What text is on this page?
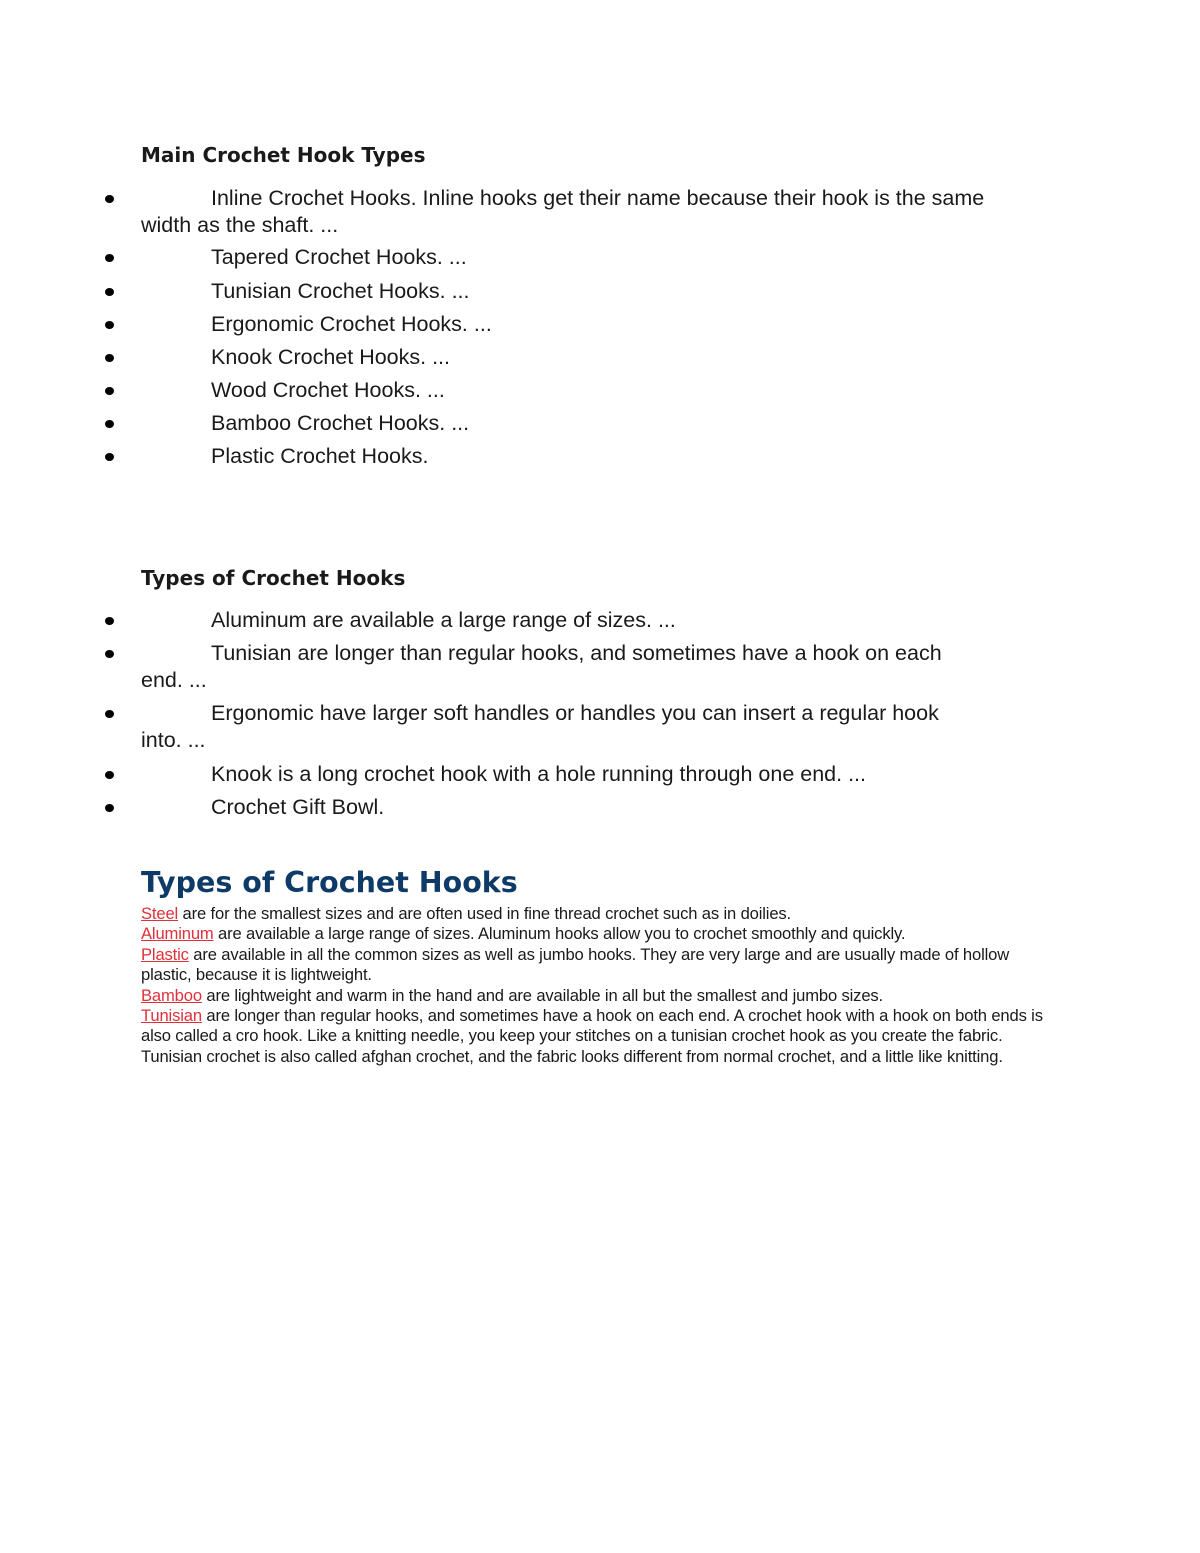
Main Crochet Hook Types
Inline Crochet Hooks. Inline hooks get their name because their hook is the same
width as the shaft. ...
Tapered Crochet Hooks. ...
Tunisian Crochet Hooks. ...
Ergonomic Crochet Hooks. ...
Knook Crochet Hooks. ...
Wood Crochet Hooks. ...
Bamboo Crochet Hooks. ...
Plastic Crochet Hooks.
Types of Crochet Hooks
Aluminum are available a large range of sizes. ...
Tunisian are longer than regular hooks, and sometimes have a hook on each
end. ...
Ergonomic have larger soft handles or handles you can insert a regular hook
into. ...
Knook is a long crochet hook with a hole running through one end. ...
Crochet Gift Bowl.
Types of Crochet Hooks

Steel are for the smallest sizes and are often used in fine thread crochet such as in doilies.

Aluminum are available a large range of sizes. Aluminum hooks allow you to crochet smoothly and quickly.

Plastic are available in all the common sizes as well as jumbo hooks. They are very large and are usually made of hollow plastic, because it is lightweight.

Bamboo are lightweight and warm in the hand and are available in all but the smallest and jumbo sizes.

Tunisian are longer than regular hooks, and sometimes have a hook on each end. A crochet hook with a hook on both ends is also called a cro hook. Like a knitting needle, you keep your stitches on a tunisian crochet hook as you create the fabric. Tunisian crochet is also called afghan crochet, and the fabric looks different from normal crochet, and a little like knitting.
